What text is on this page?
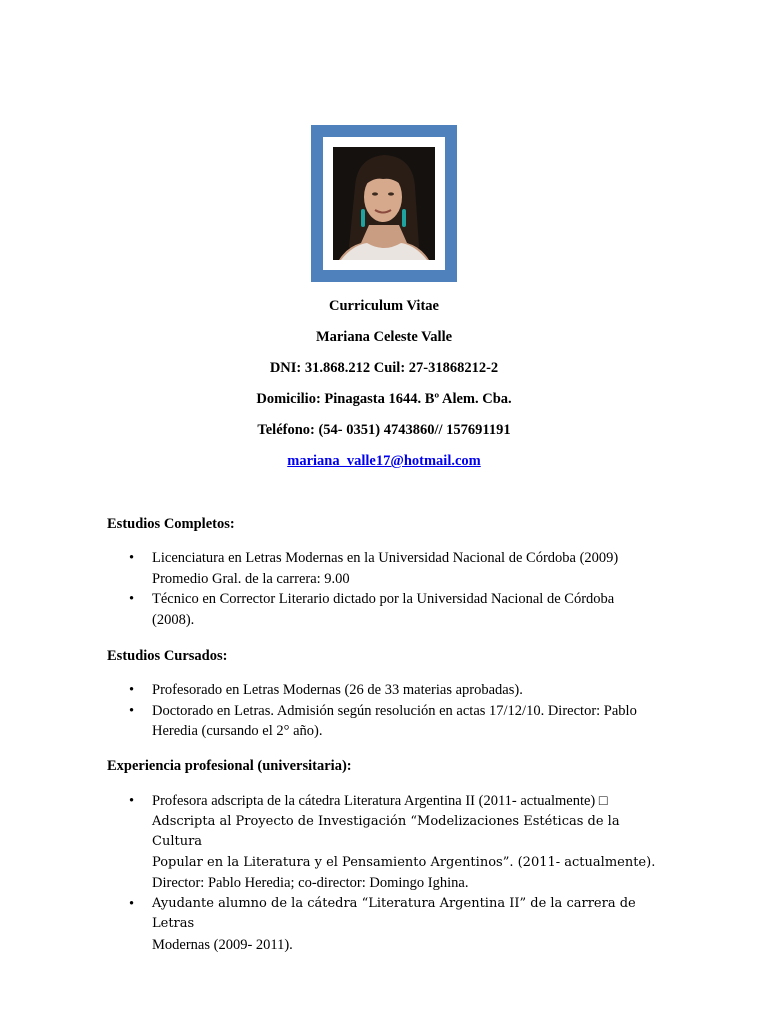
Curriculum Vitae
Mariana Celeste Valle
DNI: 31.868.212 Cuil: 27-31868212-2
Domicilio: Pinagasta 1644. Bº Alem. Cba.
Teléfono: (54- 0351) 4743860// 157691191
mariana_valle17@hotmail.com
Estudios Completos:
• Licenciatura en Letras Modernas en la Universidad Nacional de Córdoba (2009)
Promedio Gral. de la carrera: 9.00
• Técnico en Corrector Literario dictado por la Universidad Nacional de Córdoba
(2008).
Estudios Cursados:
• Profesorado en Letras Modernas (26 de 33 materias aprobadas).
• Doctorado en Letras. Admisión según resolución en actas 17/12/10. Director: Pablo
Heredia (cursando el 2° año).
Experiencia profesional (universitaria):
• Profesora adscripta de la cátedra Literatura Argentina II (2011- actualmente) □
Adscripta al Proyecto de Investigación “Modelizaciones Estéticas de la Cultura
Popular en la Literatura y el Pensamiento Argentinos”. (2011- actualmente).
Director: Pablo Heredia; co-director: Domingo Ighina.
• Ayudante alumno de la cátedra “Literatura Argentina II” de la carrera de Letras
Modernas (2009- 2011).
